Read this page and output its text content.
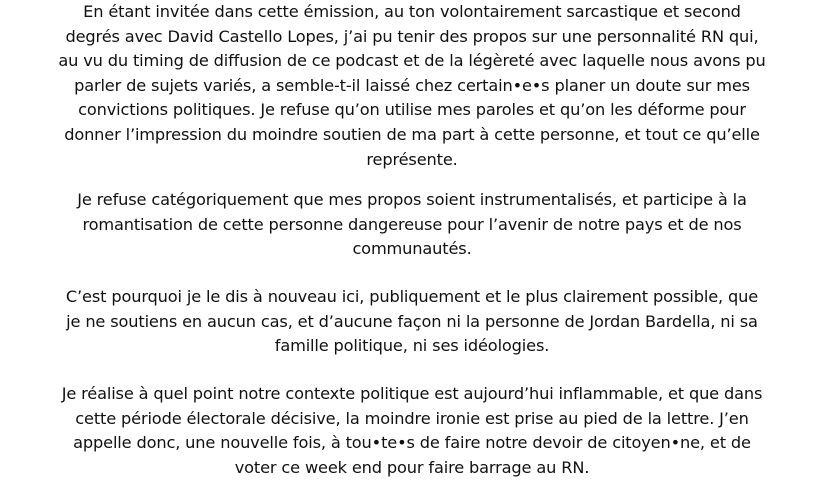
En étant invitée dans cette émission, au ton volontairement sarcastique et second
degrés avec David Castello Lopes, j’ai pu tenir des propos sur une personnalité RN qui,
au vu du timing de diffusion de ce podcast et de la légèreté avec laquelle nous avons pu
parler de sujets variés, a semble-t-il laissé chez certain•e•s planer un doute sur mes
convictions politiques. Je refuse qu’on utilise mes paroles et qu’on les déforme pour
donner l’impression du moindre soutien de ma part à cette personne, et tout ce qu’elle
représente.
Je refuse catégoriquement que mes propos soient instrumentalisés, et participe à la
romantisation de cette personne dangereuse pour l’avenir de notre pays et de nos
communautés.
C’est pourquoi je le dis à nouveau ici, publiquement et le plus clairement possible, que
je ne soutiens en aucun cas, et d’aucune façon ni la personne de Jordan Bardella, ni sa
famille politique, ni ses idéologies.
Je réalise à quel point notre contexte politique est aujourd’hui inflammable, et que dans
cette période électorale décisive, la moindre ironie est prise au pied de la lettre. J’en
appelle donc, une nouvelle fois, à tou•te•s de faire notre devoir de citoyen•ne, et de
voter ce week end pour faire barrage au RN.
